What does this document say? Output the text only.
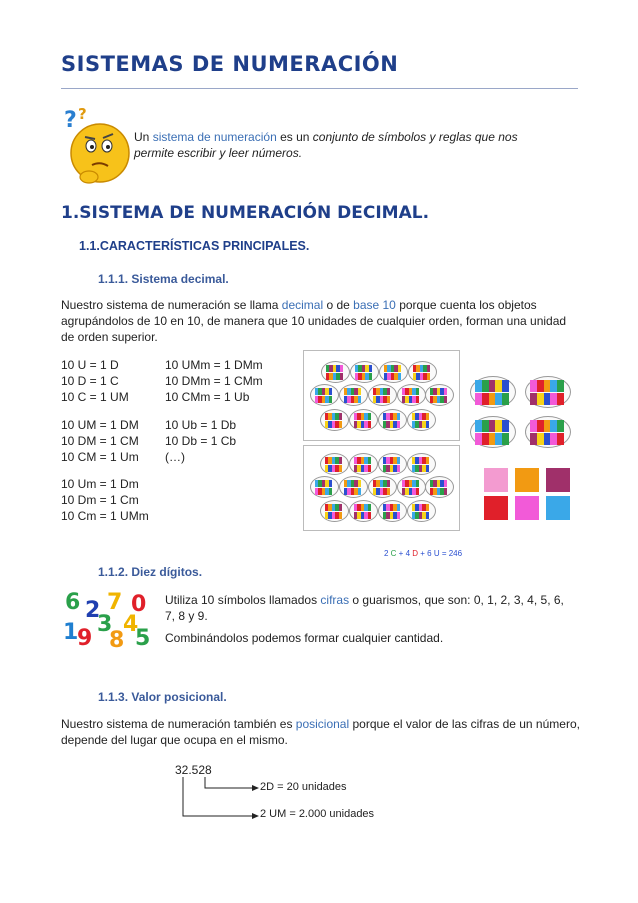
SISTEMAS DE NUMERACIÓN
? ?
Un sistema de numeración es un conjunto de símbolos y reglas que nos permite escribir y leer números.
1.SISTEMA DE NUMERACIÓN DECIMAL.
1.1.CARACTERÍSTICAS PRINCIPALES.
1.1.1. Sistema decimal.
Nuestro sistema de numeración se llama decimal o de base 10 porque cuenta los objetos agrupándolos de 10 en 10, de manera que 10 unidades de cualquier orden, forman una unidad de orden superior.
10 U = 1 D
10 D = 1 C
10 C = 1 UM
10 UMm = 1 DMm
10 DMm = 1 CMm
10 CMm = 1 Ub
10 UM = 1 DM
10 DM = 1 CM
10 CM = 1 Um
10 Ub = 1 Db
10 Db = 1 Cb
(…)
10 Um = 1 Dm
10 Dm = 1 Cm
10 Cm = 1 UMm
2 C + 4 D + 6 U = 246
1.1.2. Diez dígitos.
6 2 7 0
1 3 4
9 8 5
Utiliza 10 símbolos llamados cifras o guarismos, que son: 0, 1, 2, 3, 4, 5, 6, 7, 8 y 9.
Combinándolos podemos formar cualquier cantidad.
1.1.3. Valor posicional.
Nuestro sistema de numeración también es posicional porque el valor de las cifras de un número, depende del lugar que ocupa en el mismo.
32.528
2D = 20 unidades
2 UM = 2.000 unidades
